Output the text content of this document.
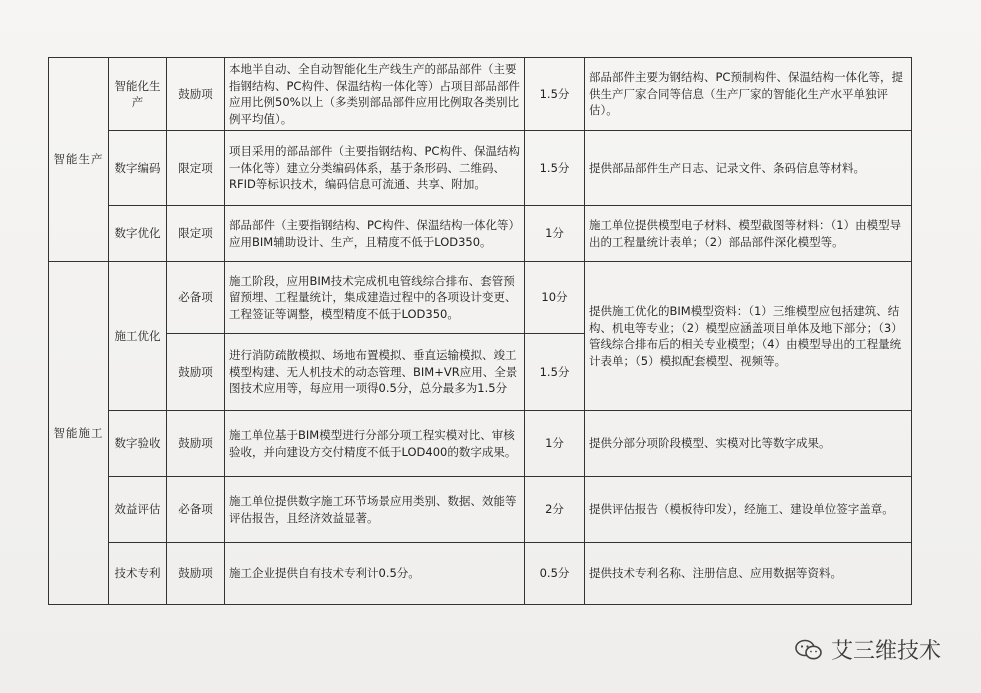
智能生产	智能化生产	鼓励项	本地半自动、全自动智能化生产线生产的部品部件（主要指钢结构、PC构件、保温结构一体化等）占项目部品部件应用比例50%以上（多类别部品部件应用比例取各类别比例平均值）。	1.5分	部品部件主要为钢结构、PC预制构件、保温结构一体化等，提供生产厂家合同等信息（生产厂家的智能化生产水平单独评估）。
	数字编码	限定项	项目采用的部品部件（主要指钢结构、PC构件、保温结构一体化等）建立分类编码体系，基于条形码、二维码、RFID等标识技术，编码信息可流通、共享、附加。	1.5分	提供部品部件生产日志、记录文件、条码信息等材料。
	数字优化	限定项	部品部件（主要指钢结构、PC构件、保温结构一体化等）应用BIM辅助设计、生产，且精度不低于LOD350。	1分	施工单位提供模型电子材料、模型截图等材料：（1）由模型导出的工程量统计表单；（2）部品部件深化模型等。
智能施工	施工优化	必备项	施工阶段，应用BIM技术完成机电管线综合排布、套管预留预埋、工程量统计，集成建造过程中的各项设计变更、工程签证等调整，模型精度不低于LOD350。	10分	提供施工优化的BIM模型资料：（1）三维模型应包括建筑、结构、机电等专业；（2）模型应涵盖项目单体及地下部分；（3）管线综合排布后的相关专业模型；（4）由模型导出的工程量统计表单；（5）模拟配套模型、视频等。
		鼓励项	进行消防疏散模拟、场地布置模拟、垂直运输模拟、竣工模型构建、无人机技术的动态管理、BIM+VR应用、全景图技术应用等，每应用一项得0.5分，总分最多为1.5分	1.5分	
	数字验收	鼓励项	施工单位基于BIM模型进行分部分项工程实模对比、审核验收，并向建设方交付精度不低于LOD400的数字成果。	1分	提供分部分项阶段模型、实模对比等数字成果。
	效益评估	必备项	施工单位提供数字施工环节场景应用类别、数据、效能等评估报告，且经济效益显著。	2分	提供评估报告（模板待印发），经施工、建设单位签字盖章。
	技术专利	鼓励项	施工企业提供自有技术专利计0.5分。	0.5分	提供技术专利名称、注册信息、应用数据等资料。
艾三维技术
